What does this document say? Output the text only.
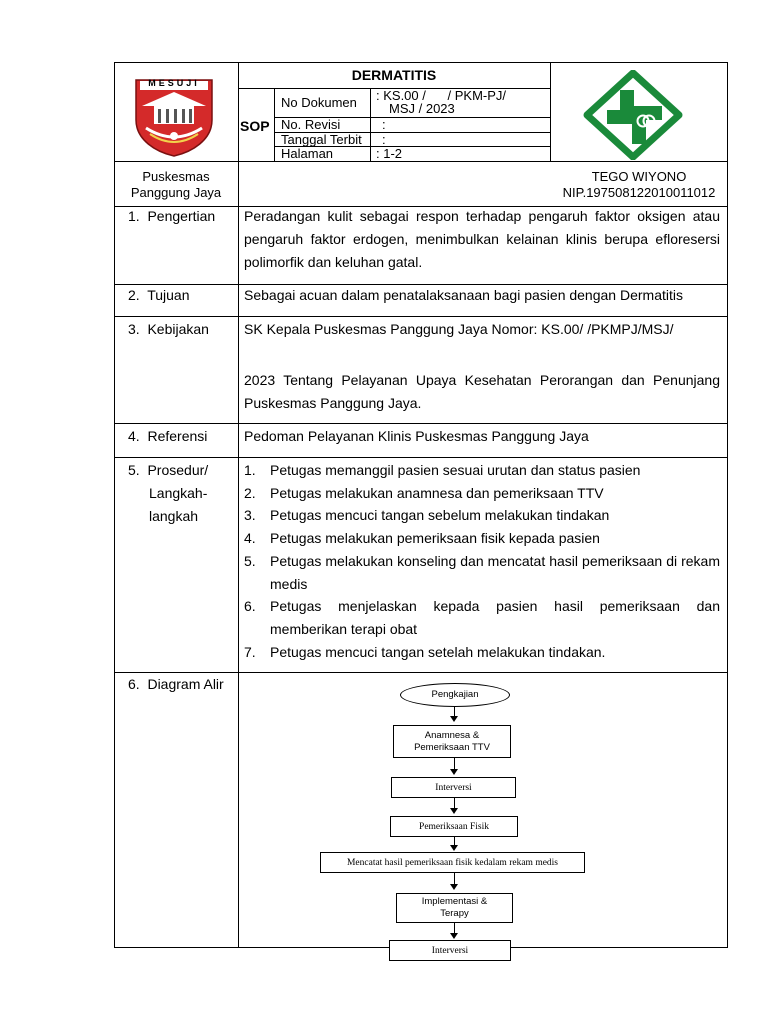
MESUJI	DERMATITIS
SOP
No Dokumen : KS.00 /      / PKM-PJ/
MSJ / 2023
No. Revisi	:
Tanggal Terbit :
Halaman	: 1-2
Puskesmas
Panggung Jaya
TEGO WIYONO
NIP.197508122010011012
1.  Pengertian Peradangan kulit sebagai respon terhadap pengaruh faktor oksigen atau pengaruh faktor erdogen, menimbulkan kelainan klinis berupa efloresersi polimorfik dan keluhan gatal.
2.  Tujuan	Sebagai acuan dalam penatalaksanaan bagi pasien dengan Dermatitis
3.  Kebijakan	SK Kepala Puskesmas Panggung Jaya Nomor: KS.00/ /PKMPJ/MSJ/
2023 Tentang Pelayanan Upaya Kesehatan Perorangan dan Penunjang Puskesmas Panggung Jaya.
4.  Referensi	Pedoman Pelayanan Klinis Puskesmas Panggung Jaya
5.  Prosedur/
Langkah-
langkah
1. Petugas memanggil pasien sesuai urutan dan status pasien
2. Petugas melakukan anamnesa dan pemeriksaan TTV
3. Petugas mencuci tangan sebelum melakukan tindakan
4. Petugas melakukan pemeriksaan fisik kepada pasien
5. Petugas melakukan konseling dan mencatat hasil pemeriksaan di rekam medis
6. Petugas menjelaskan kepada pasien hasil pemeriksaan dan memberikan terapi obat
7. Petugas mencuci tangan setelah melakukan tindakan.
6.  Diagram Alir
Pengkajian
Anamnesa & Pemeriksaan TTV
Interversi
Pemeriksaan Fisik
Mencatat hasil pemeriksaan fisik kedalam rekam medis
Implementasi & Terapy
Interversi
